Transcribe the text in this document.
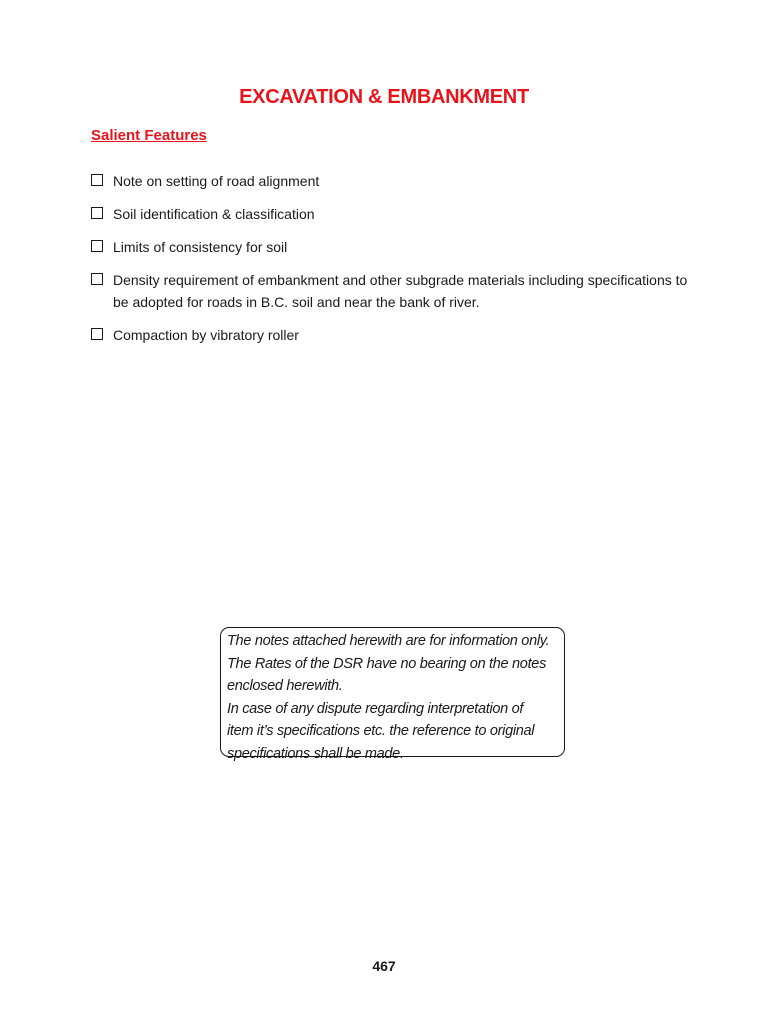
EXCAVATION & EMBANKMENT
Salient Features
Note on setting of road alignment
Soil identification & classification
Limits of consistency for soil
Density requirement of embankment and other subgrade materials including specifications to be adopted for roads in B.C. soil and near the bank of river.
Compaction by vibratory roller
The notes attached herewith are for information only.
The Rates of the DSR have no bearing on the notes
enclosed herewith.
In case of any dispute regarding interpretation of
item it’s specifications etc. the reference to original
specifications shall be made.
467
